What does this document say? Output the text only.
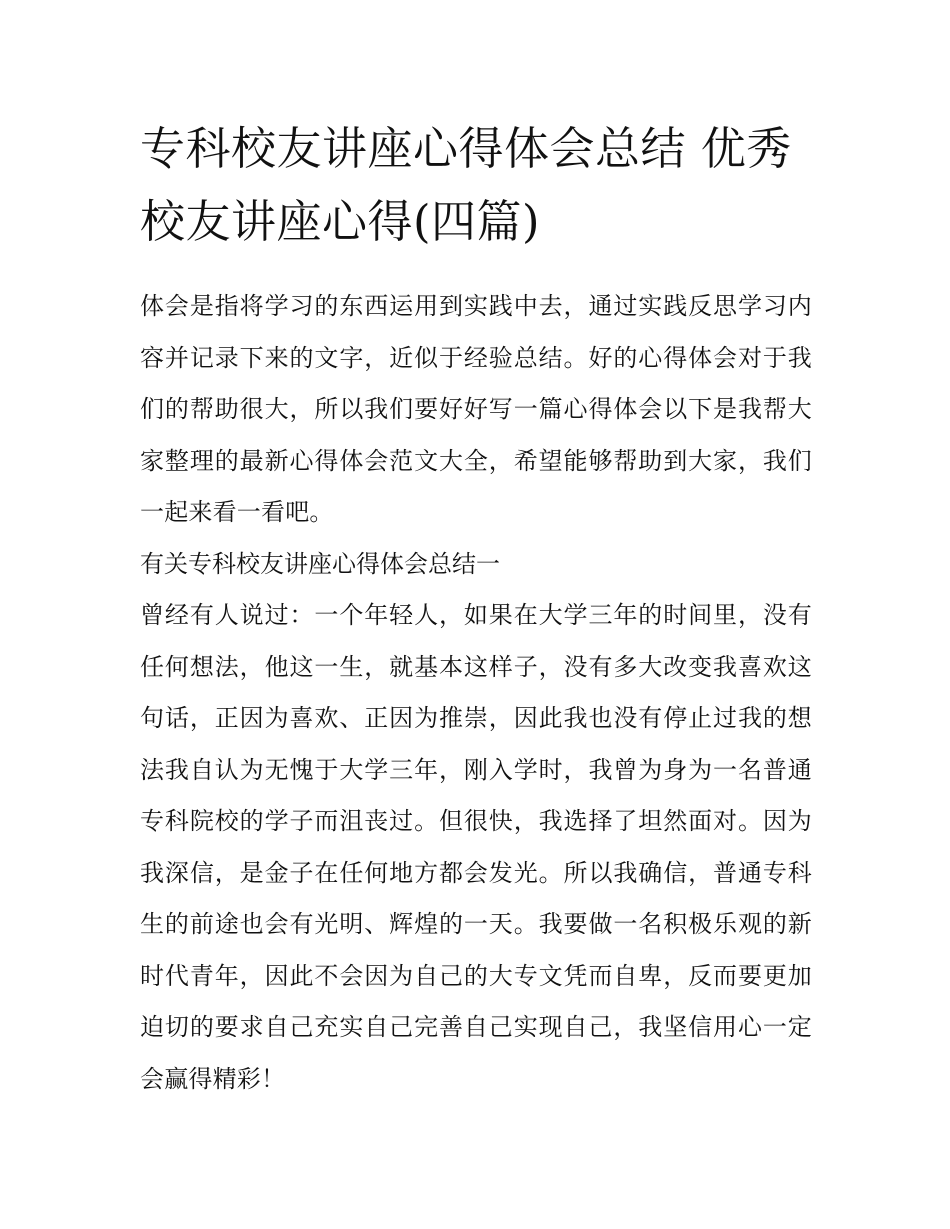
专科校友讲座心得体会总结 优秀校友讲座心得(四篇)

体会是指将学习的东西运用到实践中去，通过实践反思学习内容并记录下来的文字，近似于经验总结。好的心得体会对于我们的帮助很大，所以我们要好好写一篇心得体会以下是我帮大家整理的最新心得体会范文大全，希望能够帮助到大家，我们一起来看一看吧。

有关专科校友讲座心得体会总结一

曾经有人说过：一个年轻人，如果在大学三年的时间里，没有任何想法，他这一生，就基本这样子，没有多大改变我喜欢这句话，正因为喜欢、正因为推崇，因此我也没有停止过我的想法我自认为无愧于大学三年，刚入学时，我曾为身为一名普通专科院校的学子而沮丧过。但很快，我选择了坦然面对。因为我深信，是金子在任何地方都会发光。所以我确信，普通专科生的前途也会有光明、辉煌的一天。我要做一名积极乐观的新时代青年，因此不会因为自己的大专文凭而自卑，反而要更加迫切的要求自己充实自己完善自己实现自己，我坚信用心一定会赢得精彩！
